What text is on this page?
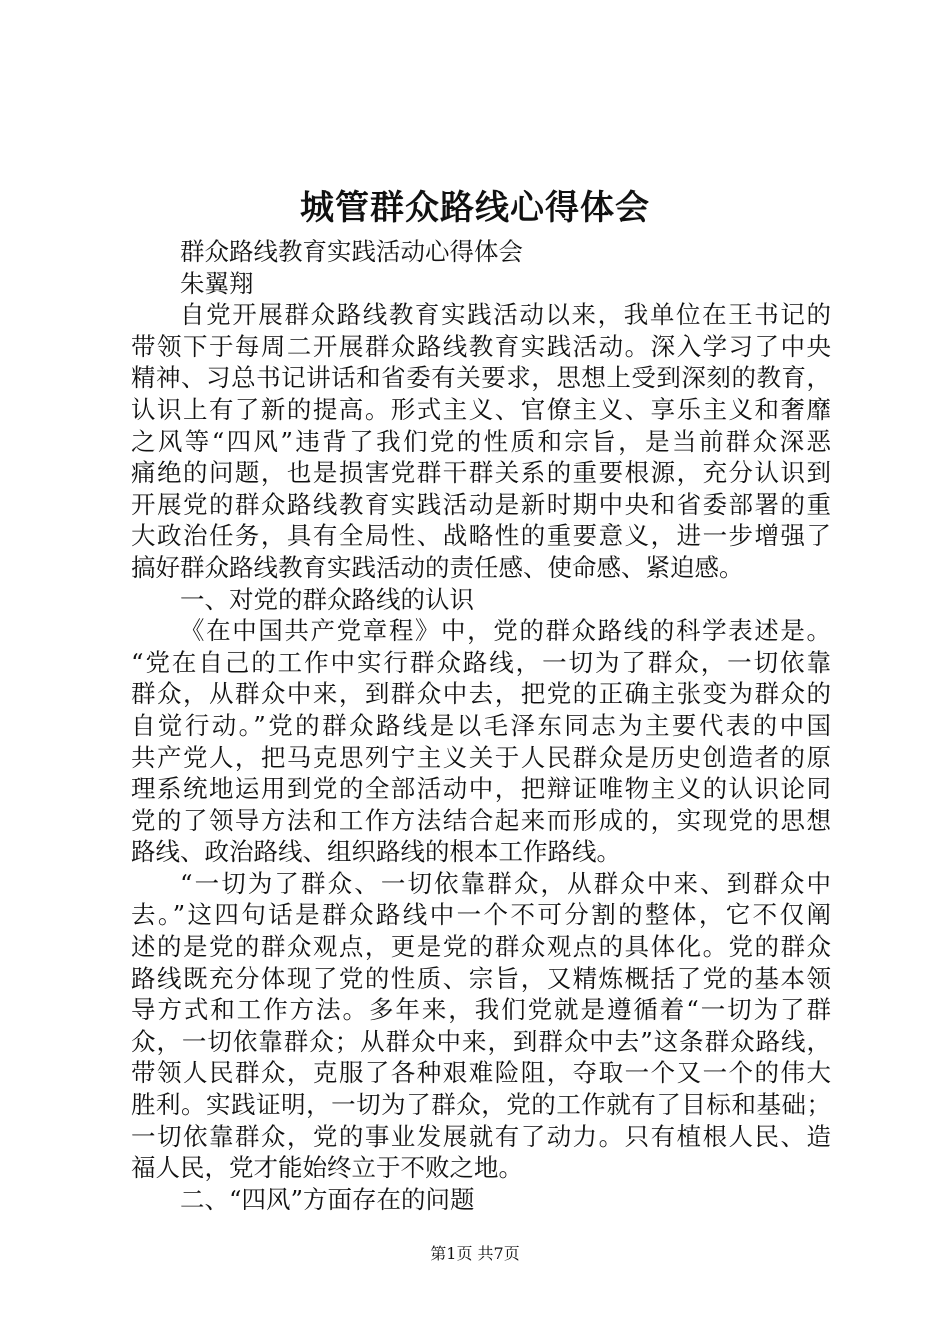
城管群众路线心得体会
群众路线教育实践活动心得体会
朱翼翔
自党开展群众路线教育实践活动以来，我单位在王书记的
带领下于每周二开展群众路线教育实践活动。深入学习了中央
精神、习总书记讲话和省委有关要求，思想上受到深刻的教育，
认识上有了新的提高。形式主义、官僚主义、享乐主义和奢靡
之风等“四风”违背了我们党的性质和宗旨，是当前群众深恶
痛绝的问题，也是损害党群干群关系的重要根源，充分认识到
开展党的群众路线教育实践活动是新时期中央和省委部署的重
大政治任务，具有全局性、战略性的重要意义，进一步增强了
搞好群众路线教育实践活动的责任感、使命感、紧迫感。
一、对党的群众路线的认识
《在中国共产党章程》中，党的群众路线的科学表述是。
“党在自己的工作中实行群众路线，一切为了群众，一切依靠
群众，从群众中来，到群众中去，把党的正确主张变为群众的
自觉行动。”党的群众路线是以毛泽东同志为主要代表的中国
共产党人，把马克思列宁主义关于人民群众是历史创造者的原
理系统地运用到党的全部活动中，把辩证唯物主义的认识论同
党的了领导方法和工作方法结合起来而形成的，实现党的思想
路线、政治路线、组织路线的根本工作路线。
“一切为了群众、一切依靠群众，从群众中来、到群众中
去。”这四句话是群众路线中一个不可分割的整体，它不仅阐
述的是党的群众观点，更是党的群众观点的具体化。党的群众
路线既充分体现了党的性质、宗旨，又精炼概括了党的基本领
导方式和工作方法。多年来，我们党就是遵循着“一切为了群
众，一切依靠群众；从群众中来，到群众中去”这条群众路线，
带领人民群众，克服了各种艰难险阻，夺取一个又一个的伟大
胜利。实践证明，一切为了群众，党的工作就有了目标和基础；
一切依靠群众，党的事业发展就有了动力。只有植根人民、造
福人民，党才能始终立于不败之地。
二、“四风”方面存在的问题
第1页 共7页
